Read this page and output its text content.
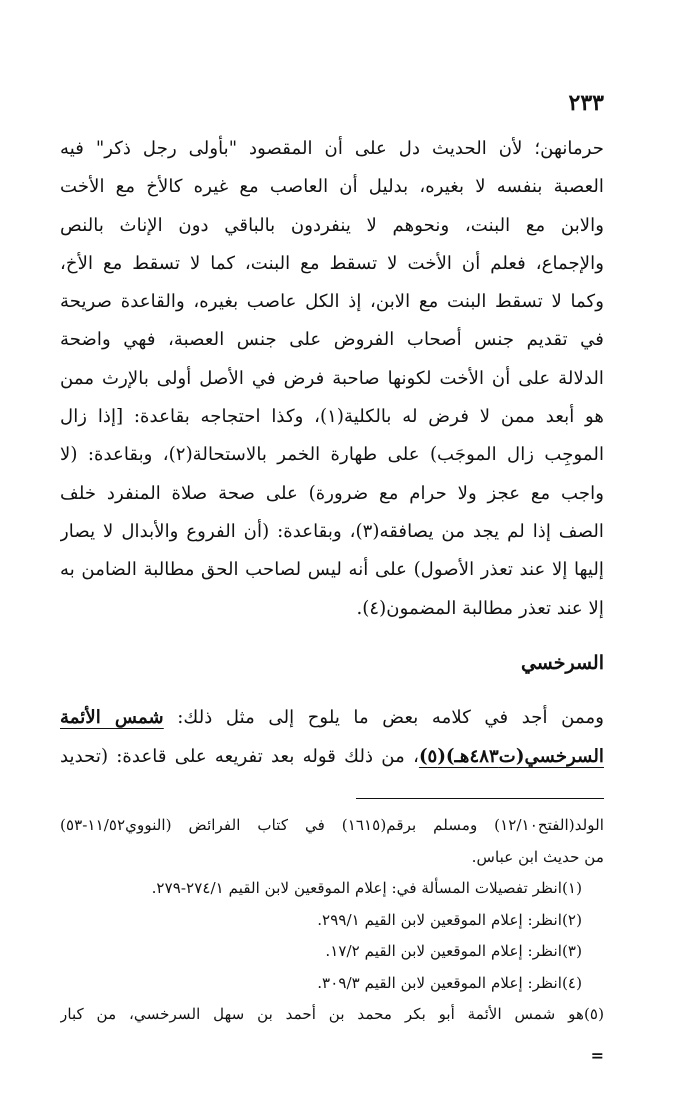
٢٣٣

حرمانهن؛ لأن الحديث دل على أن المقصود "بأولى رجل ذكر" فيه
العصبة بنفسه لا بغيره، بدليل أن العاصب مع غيره كالأخ مع الأخت
والابن مع البنت، ونحوهم لا ينفردون بالباقي دون الإناث بالنص
والإجماع، فعلم أن الأخت لا تسقط مع البنت، كما لا تسقط مع الأخ،
وكما لا تسقط البنت مع الابن، إذ الكل عاصب بغيره، والقاعدة صريحة
في تقديم جنس أصحاب الفروض على جنس العصبة، فهي واضحة
الدلالة على أن الأخت لكونها صاحبة فرض في الأصل أولى بالإرث ممن
هو أبعد ممن لا فرض له بالكلية(١)، وكذا احتجاجه بقاعدة: [إذا زال
الموجِب زال الموجَب) على طهارة الخمر بالاستحالة(٢)، وبقاعدة: (لا
واجب مع عجز ولا حرام مع ضرورة) على صحة صلاة المنفرد خلف
الصف إذا لم يجد من يصافقه(٣)، وبقاعدة: (أن الفروع والأبدال لا يصار
إليها إلا عند تعذر الأصول) على أنه ليس لصاحب الحق مطالبة الضامن به
إلا عند تعذر مطالبة المضمون(٤).
السرخسي
وممن أجد في كلامه بعض ما يلوح إلى مثل ذلك: شمس الأئمة
السرخسي(ت٤٨٣هـ)(٥)، من ذلك قوله بعد تفريعه على قاعدة: (تحديد
الولد(الفتح١٢/١٠) ومسلم برقم(١٦١٥) في كتاب الفرائض (النووي١١/٥٢-٥٣)
من حديث ابن عباس.
(١)انظر تفصيلات المسألة في: إعلام الموقعين لابن القيم ٢٧٤/١-٢٧٩.
(٢)انظر: إعلام الموقعين لابن القيم ٢٩٩/١.
(٣)انظر: إعلام الموقعين لابن القيم ١٧/٢.
(٤)انظر: إعلام الموقعين لابن القيم ٣٠٩/٣.
(٥)هو شمس الأئمة أبو بكر محمد بن أحمد بن سهل السرخسي، من كبار

=
